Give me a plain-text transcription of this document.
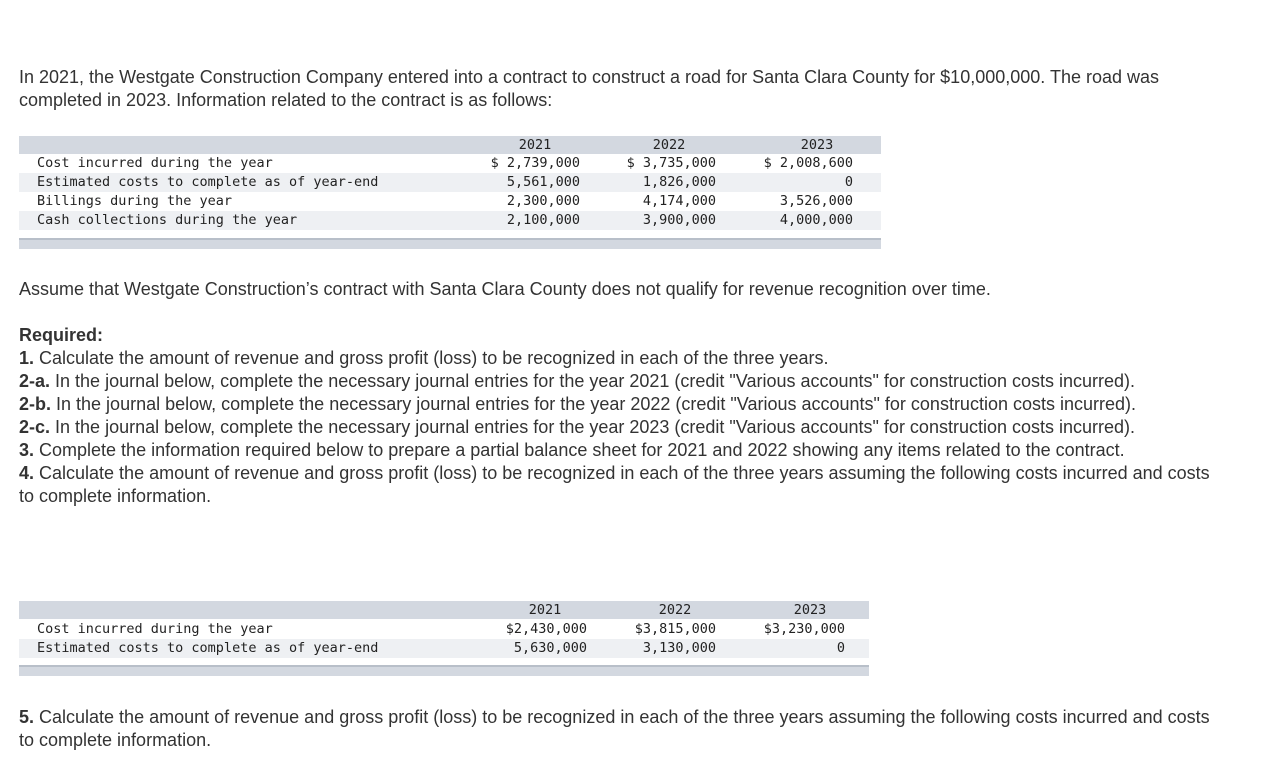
In 2021, the Westgate Construction Company entered into a contract to construct a road for Santa Clara County for $10,000,000. The road was completed in 2023. Information related to the contract is as follows:

2021	2022	2023
Cost incurred during the year	$ 2,739,000	$ 3,735,000	$ 2,008,600
Estimated costs to complete as of year-end	5,561,000	1,826,000	0
Billings during the year	2,300,000	4,174,000	3,526,000
Cash collections during the year	2,100,000	3,900,000	4,000,000

Assume that Westgate Construction’s contract with Santa Clara County does not qualify for revenue recognition over time.

Required:
1. Calculate the amount of revenue and gross profit (loss) to be recognized in each of the three years.
2-a. In the journal below, complete the necessary journal entries for the year 2021 (credit "Various accounts" for construction costs incurred).
2-b. In the journal below, complete the necessary journal entries for the year 2022 (credit "Various accounts" for construction costs incurred).
2-c. In the journal below, complete the necessary journal entries for the year 2023 (credit "Various accounts" for construction costs incurred).
3. Complete the information required below to prepare a partial balance sheet for 2021 and 2022 showing any items related to the contract.
4. Calculate the amount of revenue and gross profit (loss) to be recognized in each of the three years assuming the following costs incurred and costs to complete information.
2021	2022	2023
Cost incurred during the year	$2,430,000	$3,815,000	$3,230,000
Estimated costs to complete as of year-end	5,630,000	3,130,000	0
5. Calculate the amount of revenue and gross profit (loss) to be recognized in each of the three years assuming the following costs incurred and costs to complete information.
